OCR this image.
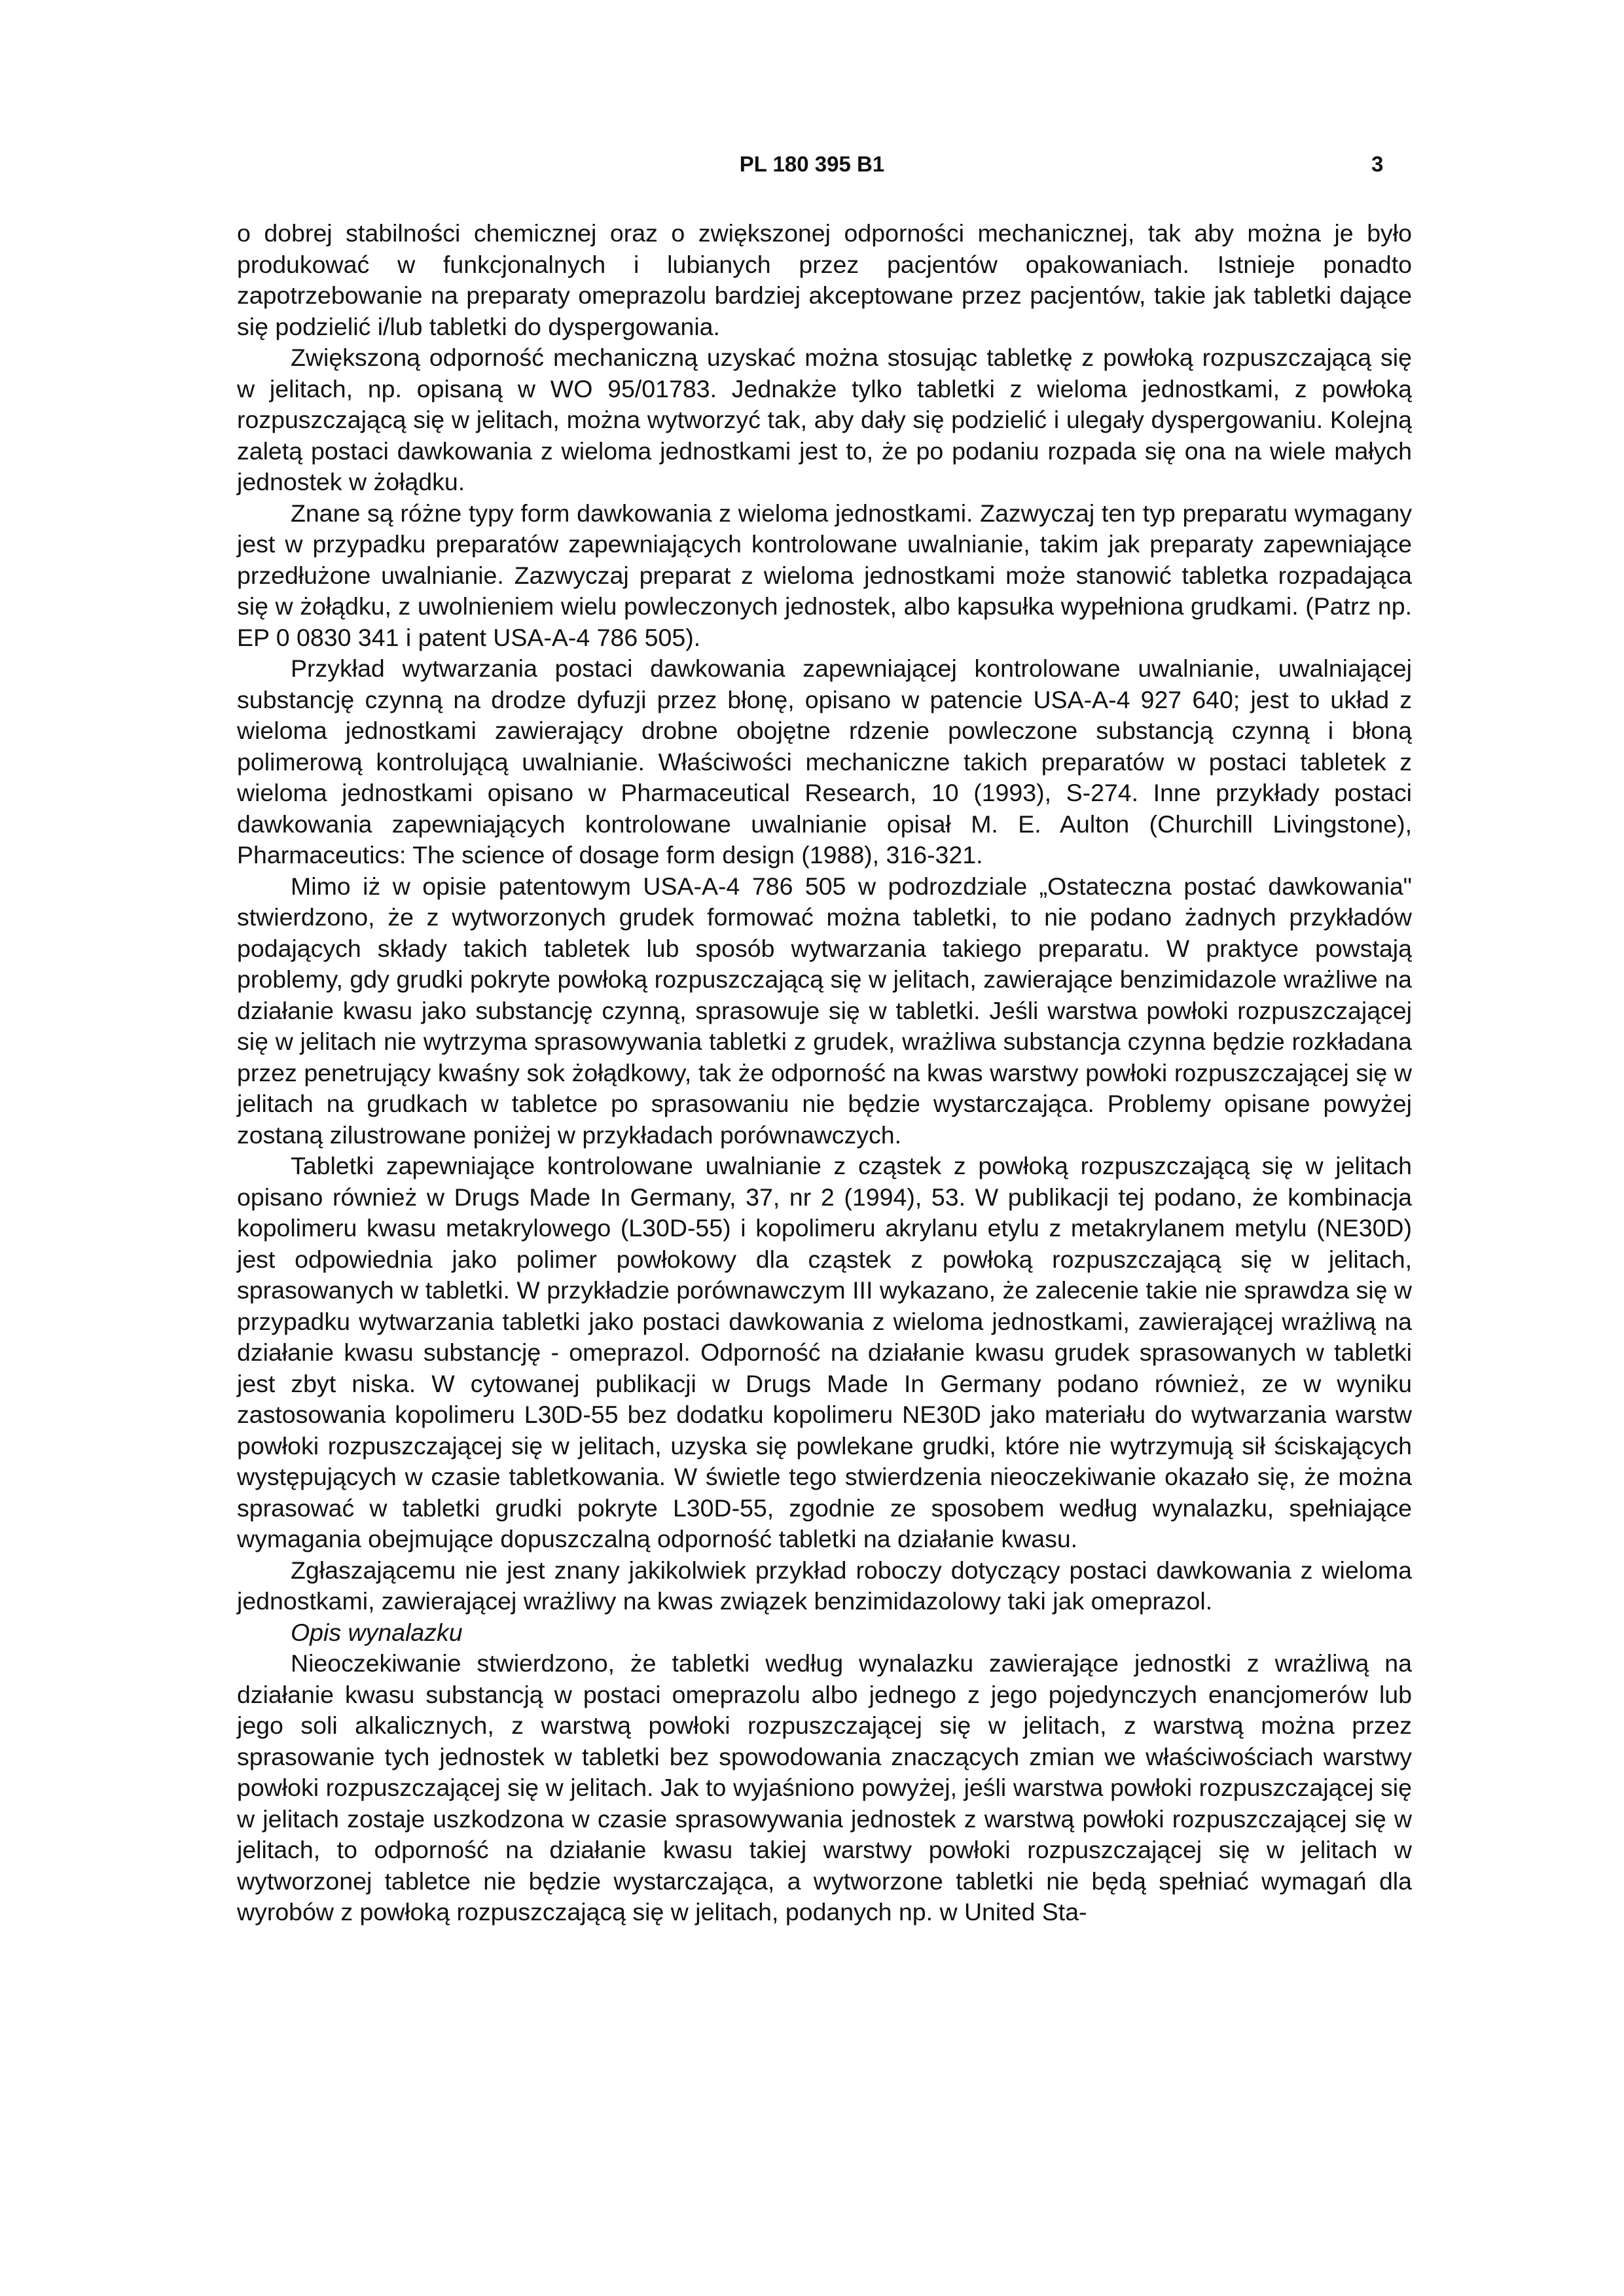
PL 180 395 B1	3

o dobrej stabilności chemicznej oraz o zwiększonej odporności mechanicznej, tak aby można je było produkować w funkcjonalnych i lubianych przez pacjentów opakowaniach. Istnieje ponadto zapotrzebowanie na preparaty omeprazolu bardziej akceptowane przez pacjentów, takie jak tabletki dające się podzielić i/lub tabletki do dyspergowania.

Zwiększoną odporność mechaniczną uzyskać można stosując tabletkę z powłoką rozpuszczającą się w jelitach, np. opisaną w WO 95/01783. Jednakże tylko tabletki z wieloma jednostkami, z powłoką rozpuszczającą się w jelitach, można wytworzyć tak, aby dały się podzielić i ulegały dyspergowaniu. Kolejną zaletą postaci dawkowania z wieloma jednostkami jest to, że po podaniu rozpada się ona na wiele małych jednostek w żołądku.

Znane są różne typy form dawkowania z wieloma jednostkami. Zazwyczaj ten typ preparatu wymagany jest w przypadku preparatów zapewniających kontrolowane uwalnianie, takim jak preparaty zapewniające przedłużone uwalnianie. Zazwyczaj preparat z wieloma jednostkami może stanowić tabletka rozpadająca się w żołądku, z uwolnieniem wielu powleczonych jednostek, albo kapsułka wypełniona grudkami. (Patrz np. EP 0 0830 341 i patent USA-A-4 786 505).

Przykład wytwarzania postaci dawkowania zapewniającej kontrolowane uwalnianie, uwalniającej substancję czynną na drodze dyfuzji przez błonę, opisano w patencie USA-A-4 927 640; jest to układ z wieloma jednostkami zawierający drobne obojętne rdzenie powleczone substancją czynną i błoną polimerową kontrolującą uwalnianie. Właściwości mechaniczne takich preparatów w postaci tabletek z wieloma jednostkami opisano w Pharmaceutical Research, 10 (1993), S-274. Inne przykłady postaci dawkowania zapewniających kontrolowane uwalnianie opisał M. E. Aulton (Churchill Livingstone), Pharmaceutics: The science of dosage form design (1988), 316-321.

Mimo iż w opisie patentowym USA-A-4 786 505 w podrozdziale „Ostateczna postać dawkowania" stwierdzono, że z wytworzonych grudek formować można tabletki, to nie podano żadnych przykładów podających składy takich tabletek lub sposób wytwarzania takiego preparatu. W praktyce powstają problemy, gdy grudki pokryte powłoką rozpuszczającą się w jelitach, zawierające benzimidazole wrażliwe na działanie kwasu jako substancję czynną, sprasowuje się w tabletki. Jeśli warstwa powłoki rozpuszczającej się w jelitach nie wytrzyma sprasowywania tabletki z grudek, wrażliwa substancja czynna będzie rozkładana przez penetrujący kwaśny sok żołądkowy, tak że odporność na kwas warstwy powłoki rozpuszczającej się w jelitach na grudkach w tabletce po sprasowaniu nie będzie wystarczająca. Problemy opisane powyżej zostaną zilustrowane poniżej w przykładach porównawczych.

Tabletki zapewniające kontrolowane uwalnianie z cząstek z powłoką rozpuszczającą się w jelitach opisano również w Drugs Made In Germany, 37, nr 2 (1994), 53. W publikacji tej podano, że kombinacja kopolimeru kwasu metakrylowego (L30D-55) i kopolimeru akrylanu etylu z metakrylanem metylu (NE30D) jest odpowiednia jako polimer powłokowy dla cząstek z powłoką rozpuszczającą się w jelitach, sprasowanych w tabletki. W przykładzie porównawczym III wykazano, że zalecenie takie nie sprawdza się w przypadku wytwarzania tabletki jako postaci dawkowania z wieloma jednostkami, zawierającej wrażliwą na działanie kwasu substancję - omeprazol. Odporność na działanie kwasu grudek sprasowanych w tabletki jest zbyt niska. W cytowanej publikacji w Drugs Made In Germany podano również, ze w wyniku zastosowania kopolimeru L30D-55 bez dodatku kopolimeru NE30D jako materiału do wytwarzania warstw powłoki rozpuszczającej się w jelitach, uzyska się powlekane grudki, które nie wytrzymują sił ściskających występujących w czasie tabletkowania. W świetle tego stwierdzenia nieoczekiwanie okazało się, że można sprasować w tabletki grudki pokryte L30D-55, zgodnie ze sposobem według wynalazku, spełniające wymagania obejmujące dopuszczalną odporność tabletki na działanie kwasu.

Zgłaszającemu nie jest znany jakikolwiek przykład roboczy dotyczący postaci dawkowania z wieloma jednostkami, zawierającej wrażliwy na kwas związek benzimidazolowy taki jak omeprazol.

Opis wynalazku

Nieoczekiwanie stwierdzono, że tabletki według wynalazku zawierające jednostki z wrażliwą na działanie kwasu substancją w postaci omeprazolu albo jednego z jego pojedynczych enancjomerów lub jego soli alkalicznych, z warstwą powłoki rozpuszczającej się w jelitach, z warstwą można przez sprasowanie tych jednostek w tabletki bez spowodowania znaczących zmian we właściwościach warstwy powłoki rozpuszczającej się w jelitach. Jak to wyjaśniono powyżej, jeśli warstwa powłoki rozpuszczającej się w jelitach zostaje uszkodzona w czasie sprasowywania jednostek z warstwą powłoki rozpuszczającej się w jelitach, to odporność na działanie kwasu takiej warstwy powłoki rozpuszczającej się w jelitach w wytworzonej tabletce nie będzie wystarczająca, a wytworzone tabletki nie będą spełniać wymagań dla wyrobów z powłoką rozpuszczającą się w jelitach, podanych np. w United Sta-
